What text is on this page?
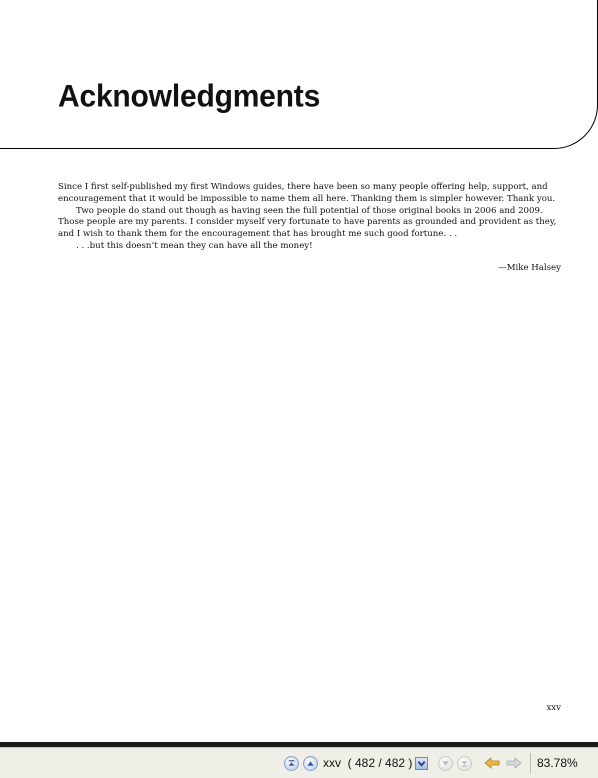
Acknowledgments

Since I first self-published my first Windows guides, there have been so many people offering help, support, and encouragement that it would be impossible to name them all here. Thanking them is simpler however. Thank you.

Two people do stand out though as having seen the full potential of those original books in 2006 and 2009. Those people are my parents. I consider myself very fortunate to have parents as grounded and provident as they, and I wish to thank them for the encouragement that has brought me such good fortune. . .

. . .but this doesn’t mean they can have all the money!

—Mike Halsey
xxv
xxv
( 482 / 482 )	83.78%
